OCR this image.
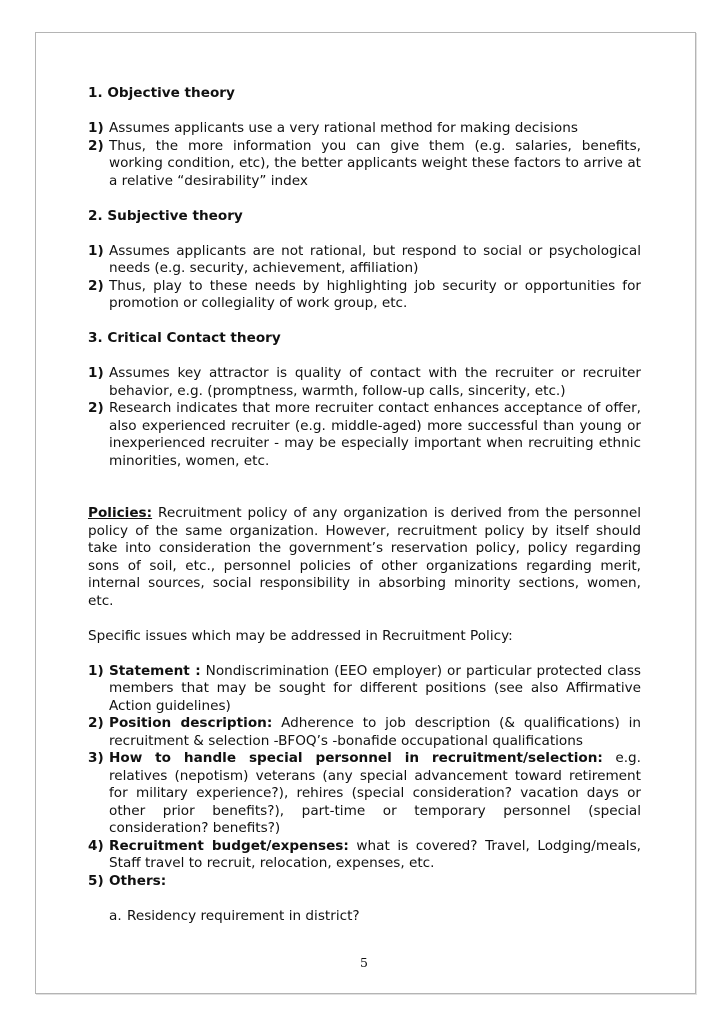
1. Objective theory

1) Assumes applicants use a very rational method for making decisions
2) Thus, the more information you can give them (e.g. salaries, benefits, working condition, etc), the better applicants weight these factors to arrive at a relative “desirability” index

2. Subjective theory

1) Assumes applicants are not rational, but respond to social or psychological needs (e.g. security, achievement, affiliation)
2) Thus, play to these needs by highlighting job security or opportunities for promotion or collegiality of work group, etc.

3. Critical Contact theory

1) Assumes key attractor is quality of contact with the recruiter or recruiter behavior, e.g. (promptness, warmth, follow-up calls, sincerity, etc.)
2) Research indicates that more recruiter contact enhances acceptance of offer, also experienced recruiter (e.g. middle-aged) more successful than young or inexperienced recruiter - may be especially important when recruiting ethnic minorities, women, etc.

Policies: Recruitment policy of any organization is derived from the personnel policy of the same organization. However, recruitment policy by itself should take into consideration the government’s reservation policy, policy regarding sons of soil, etc., personnel policies of other organizations regarding merit, internal sources, social responsibility in absorbing minority sections, women, etc.

Specific issues which may be addressed in Recruitment Policy:

1) Statement : Nondiscrimination (EEO employer) or particular protected class members that may be sought for different positions (see also Affirmative Action guidelines)
2) Position description: Adherence to job description (& qualifications) in recruitment & selection -BFOQ’s -bonafide occupational qualifications
3) How to handle special personnel in recruitment/selection: e.g. relatives (nepotism) veterans (any special advancement toward retirement for military experience?), rehires (special consideration? vacation days or other prior benefits?), part-time or temporary personnel (special consideration? benefits?)
4) Recruitment budget/expenses: what is covered? Travel, Lodging/meals, Staff travel to recruit, relocation, expenses, etc.
5) Others:
a. Residency requirement in district?
5
